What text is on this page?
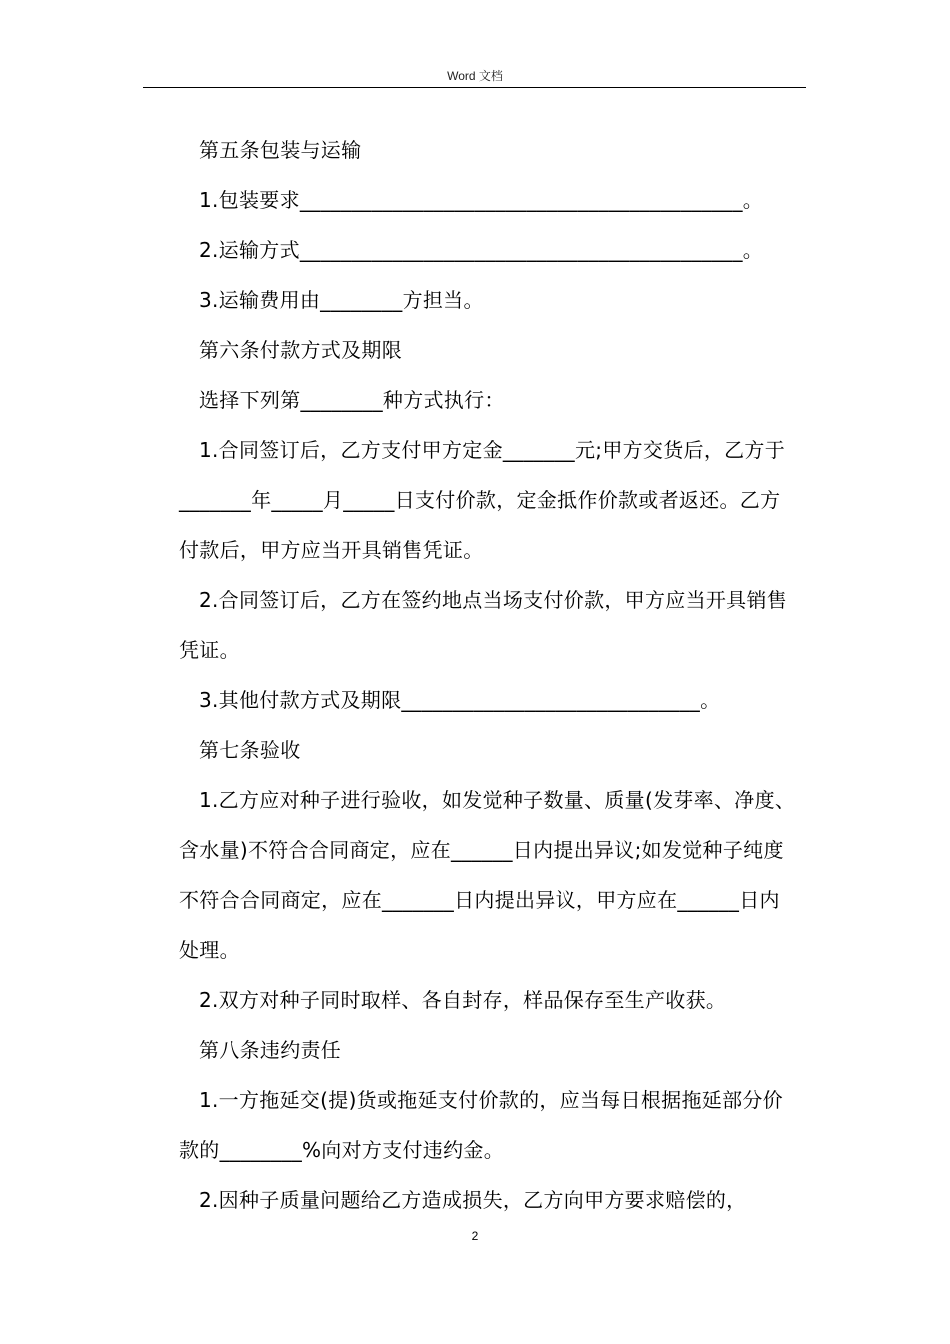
Word 文档

第五条包装与运输

1.包装要求___________________________________________。

2.运输方式___________________________________________。

3.运输费用由________方担当。

第六条付款方式及期限

选择下列第________种方式执行：

1.合同签订后，乙方支付甲方定金_______元;甲方交货后，乙方于_______年_____月_____日支付价款，定金抵作价款或者返还。乙方付款后，甲方应当开具销售凭证。

2.合同签订后，乙方在签约地点当场支付价款，甲方应当开具销售凭证。

3.其他付款方式及期限_____________________________。

第七条验收

1.乙方应对种子进行验收，如发觉种子数量、质量(发芽率、净度、含水量)不符合合同商定，应在______日内提出异议;如发觉种子纯度不符合合同商定，应在_______日内提出异议，甲方应在______日内处理。

2.双方对种子同时取样、各自封存，样品保存至生产收获。

第八条违约责任

1.一方拖延交(提)货或拖延支付价款的，应当每日根据拖延部分价款的________%向对方支付违约金。

2.因种子质量问题给乙方造成损失，乙方向甲方要求赔偿的，

2
